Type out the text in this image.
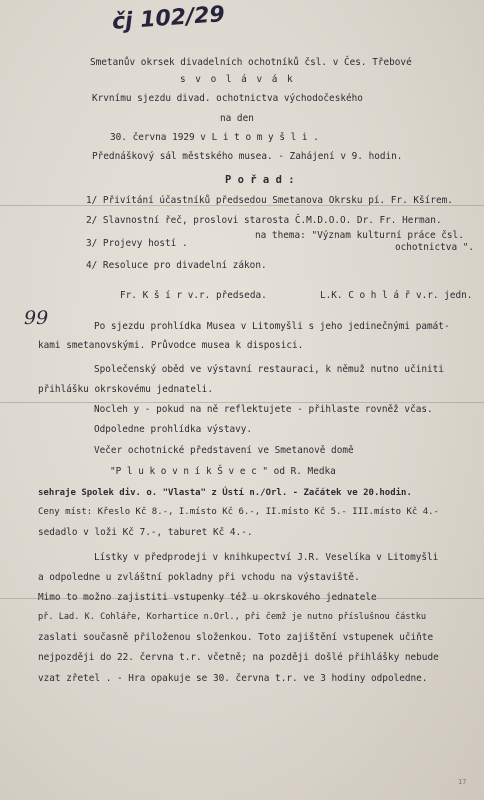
čj 102/29
Smetanův okrsek divadelních ochotníků čsl. v Čes. Třebové
s v o l á v á k
Krvnímu sjezdu divad. ochotnictva východočeského
na den
30. června 1929 v L i t o m y š l i .
Přednáškový sál městského musea. - Zahájení v 9. hodin.
P o ř a d :
1/ Přivítání účastníků předsedou Smetanova Okrsku pí. Fr. Kšírem.
2/ Slavnostní řeč, proslovi starosta Č.M.D.O.O. Dr. Fr. Herman.
na thema: "Význam kulturní práce čsl.
ochotnictva ".
3/ Projevy hostí .
4/ Resoluce pro divadelní zákon.
Fr. K š í r v.r. předseda.	L.K. C o h l á ř v.r. jedn.
99	Po sjezdu prohlídka Musea v Litomyšli s jeho jedinečnými památ-
kami smetanovskými. Průvodce musea k disposici.
Společenský oběd ve výstavní restauraci, k němuž nutno učiniti
přihlášku okrskovému jednateli.
Nocleh y - pokud na ně reflektujete - přihlaste rovněž včas.
Odpoledne prohlídka výstavy.
Večer ochotnické představení ve Smetanově domě
"P l u k o v n í k Š v e c " od R. Medka
sehraje Spolek div. o. "Vlasta" z Ústí n./Orl. - Začátek ve 20.hodin.
Ceny míst: Křeslo Kč 8.-, I.místo Kč 6.-, II.místo Kč 5.- III.místo Kč 4.-
sedadlo v loži Kč 7.-, taburet Kč 4.-.
Lístky v předprodeji v knihkupectví J.R. Veselíka v Litomyšli
a odpoledne u zvláštní pokladny při vchodu na výstaviště.
Mimo to možno zajistiti vstupenky též u okrskového jednatele
př. Lad. K. Cohláře, Korhartice n.Orl., při čemž je nutno příslušnou částku
zaslati současně přiloženou složenkou. Toto zajištění vstupenek učiňte
nejpozději do 22. června t.r. včetně; na později došlé přihlášky nebude
vzat zřetel . - Hra opakuje se 30. června t.r. ve 3 hodiny odpoledne.
17
